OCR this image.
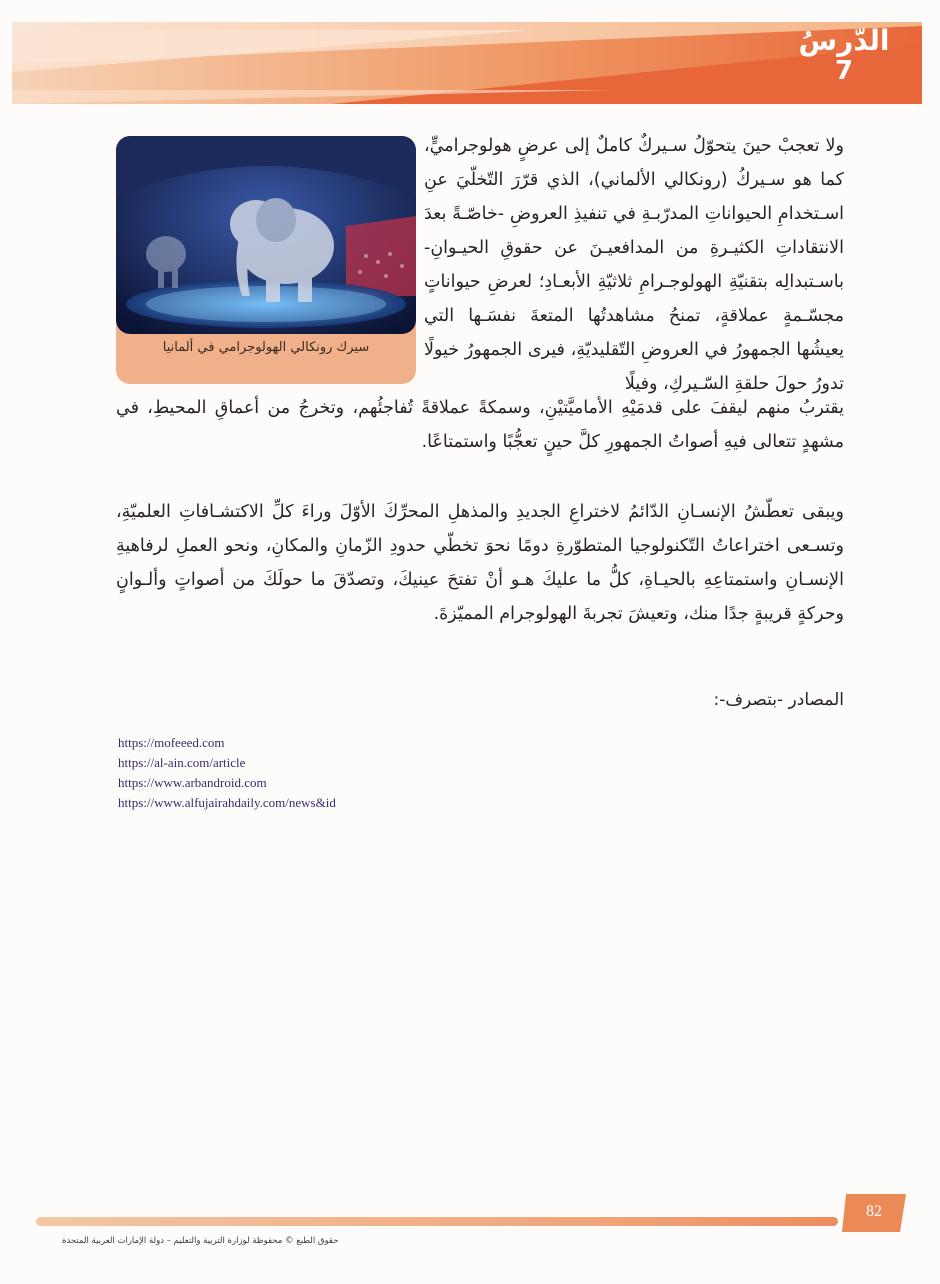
الدّرسُ
7
سيرك رونكالي الهولوجرامي في ألمانيا
ولا تعجبْ حينَ يتحوّلُ سـيركٌ كاملٌ إلى عرضٍ هولوجراميٍّ، كما هو سـيركُ (رونكالي الألماني)، الذي قرّرَ التّخلّيَ عنِ اسـتخدامِ الحيواناتِ المدرّبـةِ في تنفيذِ العروضِ -خاصّـةً بعدَ الانتقاداتِ الكثيـرةِ من المدافعيـنَ عن حقوقِ الحيـوانِ- باسـتبدالِه بتقنيّةِ الهولوجـرامِ ثلاثيّةِ الأبعـادِ؛ لعرضِ حيواناتٍ مجسّـمةٍ عملاقةٍ، تمنحُ مشاهدتُها المتعةَ نفسَـها التي يعيشُها الجمهورُ في العروضِ التّقليديّةِ، فيرى الجمهورُ خيولًا تدورُ حولَ حلقةِ السّـيركِ، وفيلًا
يقتربُ منهم ليقفَ على قدمَيْهِ الأماميَّتيْنِ، وسمكةً عملاقةً تُفاجئُهم، وتخرجُ من أعماقِ المحيطِ، في مشهدٍ تتعالى فيهِ أصواتُ الجمهورِ كلَّ حينٍ تعجُّبًا واستمتاعًا.
ويبقى تعطّشُ الإنسـانِ الدّائمُ لاختراعِ الجديدِ والمذهلِ المحرِّكَ الأوّلَ وراءَ كلِّ الاكتشـافاتِ العلميّةِ، وتسـعى اختراعاتُ التّكنولوجيا المتطوّرةِ دومًا نحوَ تخطّي حدودِ الزّمانِ والمكانِ، ونحو العملِ لرفاهيةِ الإنسـانِ واستمتاعِهِ بالحيـاةِ، كلُّ ما عليكَ هـو أنْ تفتحَ عينيكَ، وتصدّقَ ما حولَكَ من أصواتٍ وألـوانٍ وحركةٍ قريبةٍ جدًا منك، وتعيشَ تجربةَ الهولوجرام المميّزةَ.
المصادر -بتصرف-:
https://mofeeed.com
https://al-ain.com/article
https://www.arbandroid.com
https://www.alfujairahdaily.com/news&id
82
حقوق الطبع © محفوظة لوزارة التربية والتعليم – دولة الإمارات العربية المتحدة
